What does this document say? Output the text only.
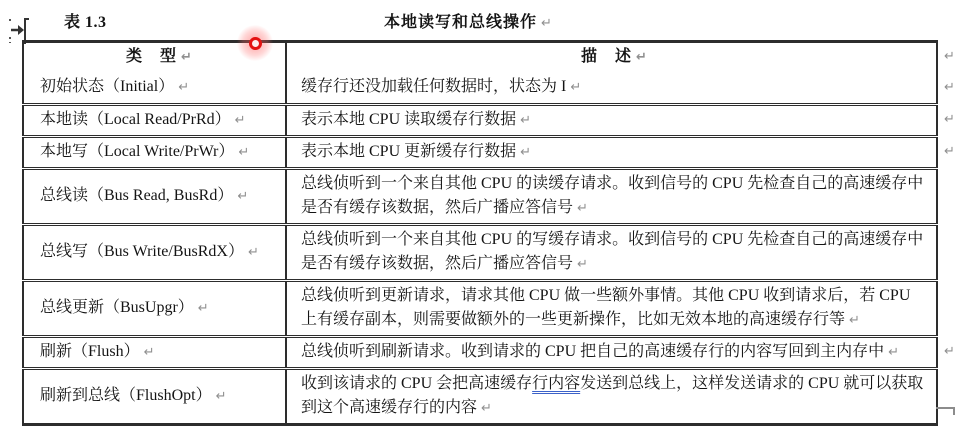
表 1.3	本地读写和总线操作 ↵
类　型 ↵	描　述 ↵
初始状态（Initial） ↵	缓存行还没加载任何数据时，状态为 I ↵
本地读（Local Read/PrRd） ↵	表示本地 CPU 读取缓存行数据 ↵
本地写（Local Write/PrWr） ↵	表示本地 CPU 更新缓存行数据 ↵
总线读（Bus Read, BusRd） ↵	总线侦听到一个来自其他 CPU 的读缓存请求。收到信号的 CPU 先检查自己的高速缓存中是否有缓存该数据，然后广播应答信号 ↵
总线写（Bus Write/BusRdX） ↵	总线侦听到一个来自其他 CPU 的写缓存请求。收到信号的 CPU 先检查自己的高速缓存中是否有缓存该数据，然后广播应答信号 ↵
总线更新（BusUpgr） ↵	总线侦听到更新请求，请求其他 CPU 做一些额外事情。其他 CPU 收到请求后，若 CPU 上有缓存副本，则需要做额外的一些更新操作，比如无效本地的高速缓存行等 ↵
刷新（Flush） ↵	总线侦听到刷新请求。收到请求的 CPU 把自己的高速缓存行的内容写回到主内存中 ↵
刷新到总线（FlushOpt） ↵	收到该请求的 CPU 会把高速缓存行内容发送到总线上，这样发送请求的 CPU 就可以获取到这个高速缓存行的内容 ↵
↵
↵
↵
↵
↵
